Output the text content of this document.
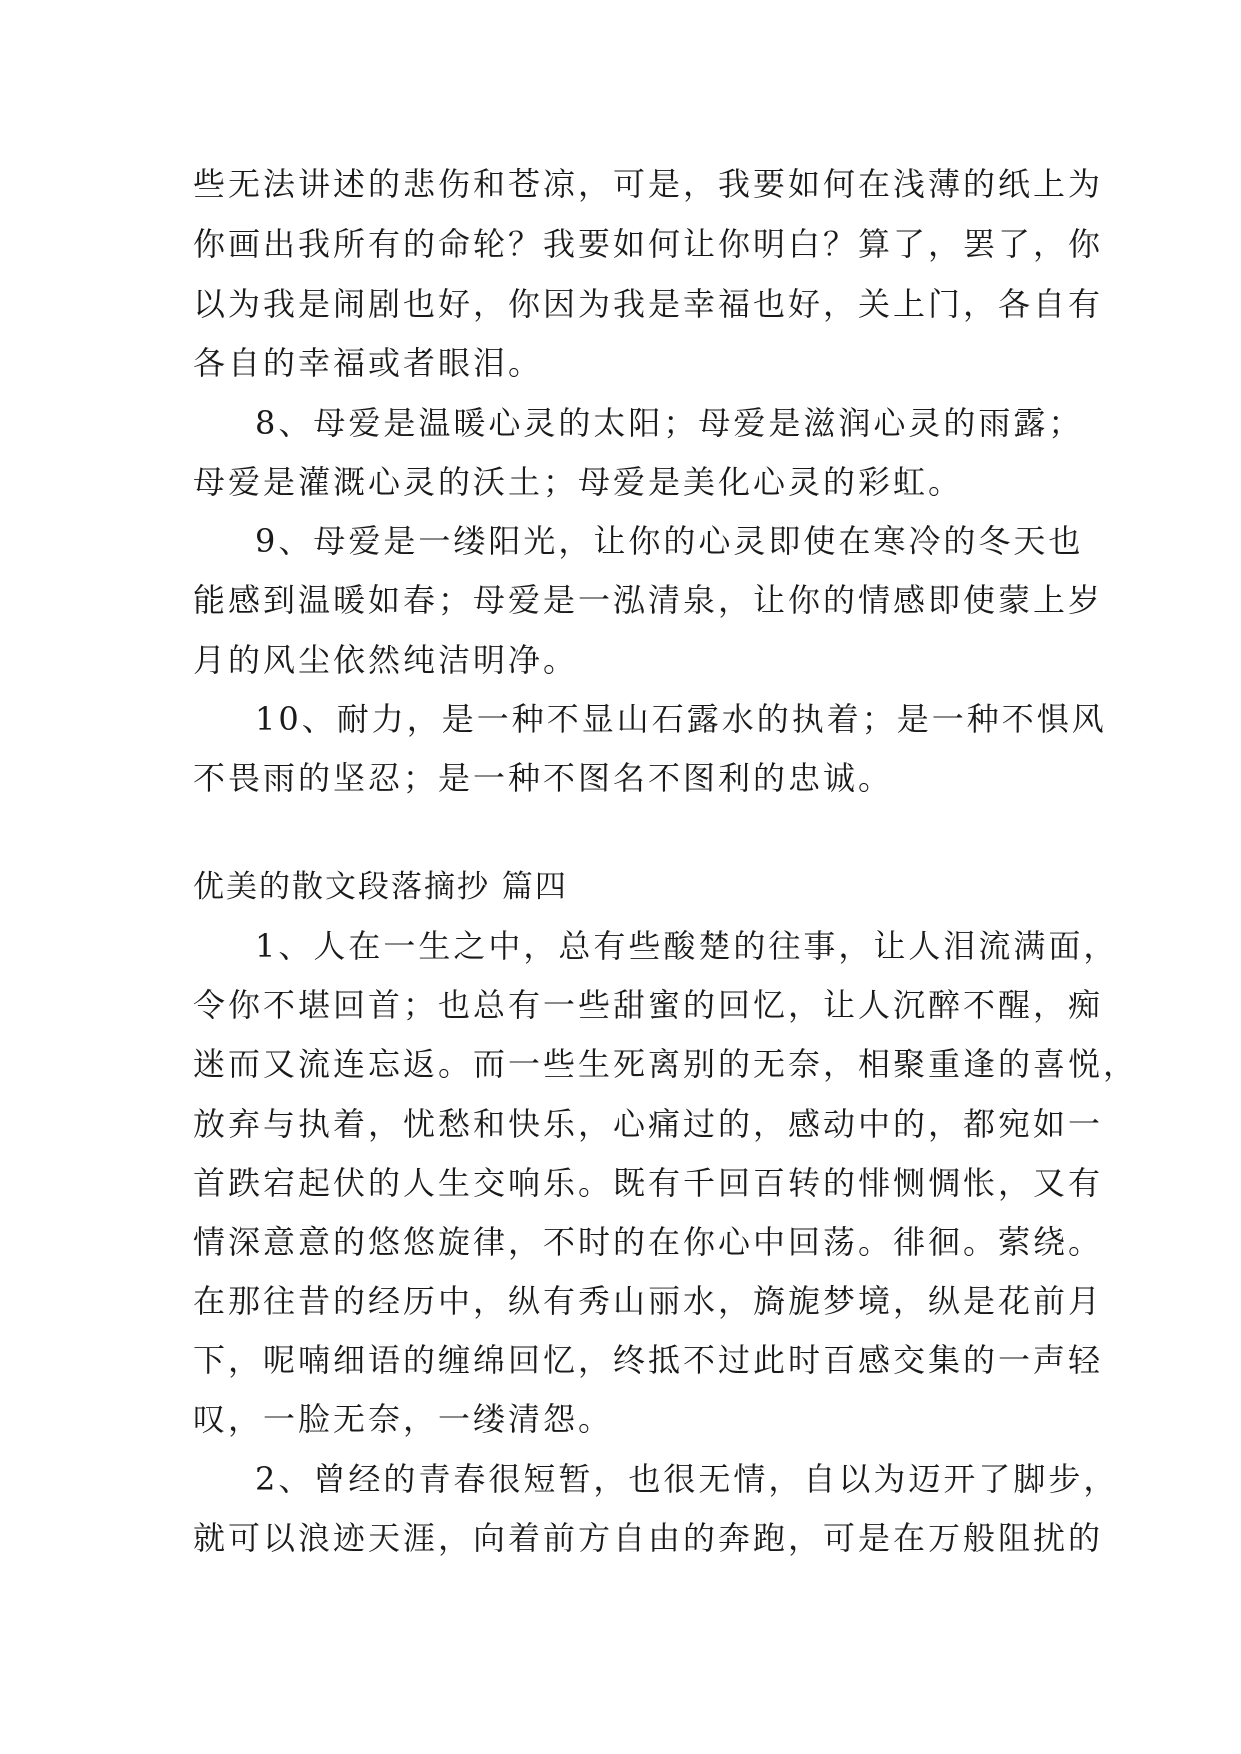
些无法讲述的悲伤和苍凉，可是，我要如何在浅薄的纸上为

你画出我所有的命轮？我要如何让你明白？算了，罢了，你

以为我是闹剧也好，你因为我是幸福也好，关上门，各自有

各自的幸福或者眼泪。

8、母爱是温暖心灵的太阳；母爱是滋润心灵的雨露；

母爱是灌溉心灵的沃土；母爱是美化心灵的彩虹。

9、母爱是一缕阳光，让你的心灵即使在寒冷的冬天也

能感到温暖如春；母爱是一泓清泉，让你的情感即使蒙上岁

月的风尘依然纯洁明净。

10、耐力，是一种不显山石露水的执着；是一种不惧风

不畏雨的坚忍；是一种不图名不图利的忠诚。

优美的散文段落摘抄 篇四

1、人在一生之中，总有些酸楚的往事，让人泪流满面，

令你不堪回首；也总有一些甜蜜的回忆，让人沉醉不醒，痴

迷而又流连忘返。而一些生死离别的无奈，相聚重逢的喜悦，

放弃与执着，忧愁和快乐，心痛过的，感动中的，都宛如一

首跌宕起伏的人生交响乐。既有千回百转的悱恻惆怅，又有

情深意意的悠悠旋律，不时的在你心中回荡。徘徊。萦绕。

在那往昔的经历中，纵有秀山丽水，旖旎梦境，纵是花前月

下，呢喃细语的缠绵回忆，终抵不过此时百感交集的一声轻

叹，一脸无奈，一缕清怨。

2、曾经的青春很短暂，也很无情，自以为迈开了脚步，

就可以浪迹天涯，向着前方自由的奔跑，可是在万般阻扰的
